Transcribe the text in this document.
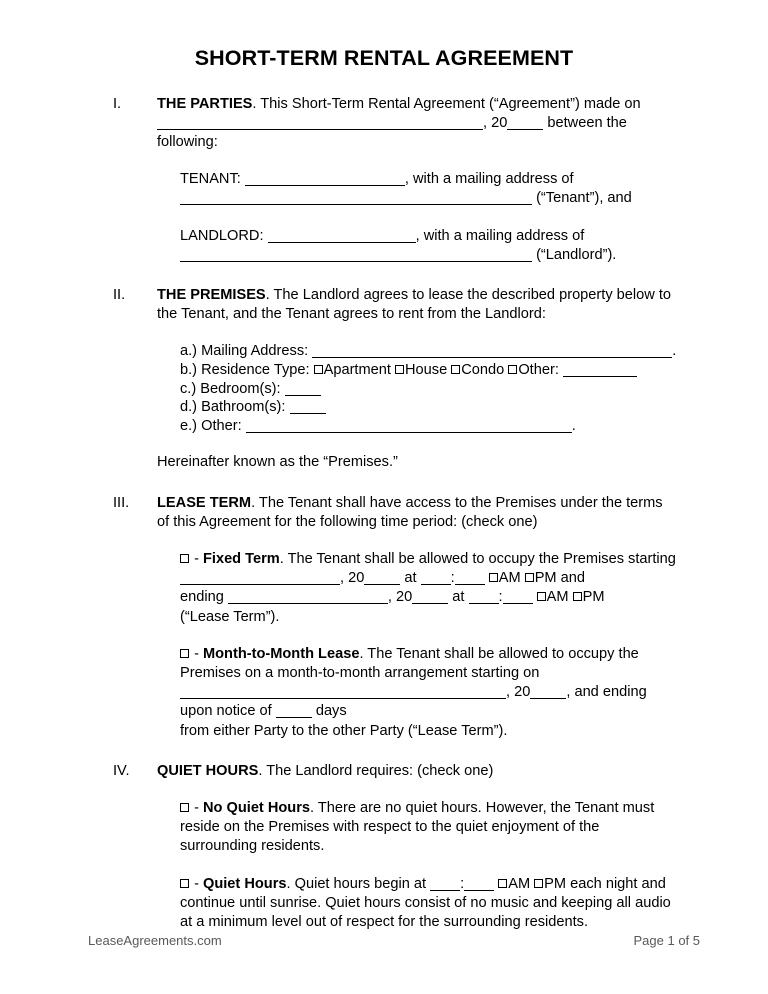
SHORT-TERM RENTAL AGREEMENT
I. THE PARTIES. This Short-Term Rental Agreement (“Agreement”) made on
, 20 between the following:
TENANT:	, with a mailing address of
(“Tenant”), and
LANDLORD:	, with a mailing address of
(“Landlord”).
II. THE PREMISES. The Landlord agrees to lease the described property below to the Tenant, and the Tenant agrees to rent from the Landlord:
a.) Mailing Address:	.
b.) Residence Type: Apartment House Condo Other:
c.) Bedroom(s):
d.) Bathroom(s):
e.) Other:	.
Hereinafter known as the “Premises.”
III. LEASE TERM. The Tenant shall have access to the Premises under the terms of this Agreement for the following time period: (check one)
- Fixed Term. The Tenant shall be allowed to occupy the Premises starting , 20 at :	AM PM and
ending	, 20 at :	AM PM
(“Lease Term”).
- Month-to-Month Lease. The Tenant shall be allowed to occupy the Premises on a month-to-month arrangement starting on
, 20 , and ending upon notice of	days
from either Party to the other Party (“Lease Term”).
IV. QUIET HOURS. The Landlord requires: (check one)
- No Quiet Hours. There are no quiet hours. However, the Tenant must reside on the Premises with respect to the quiet enjoyment of the surrounding residents.
- Quiet Hours. Quiet hours begin at :	AM PM each night and continue until sunrise. Quiet hours consist of no music and keeping all audio at a minimum level out of respect for the surrounding residents.
LeaseAgreements.com	Page 1 of 5
